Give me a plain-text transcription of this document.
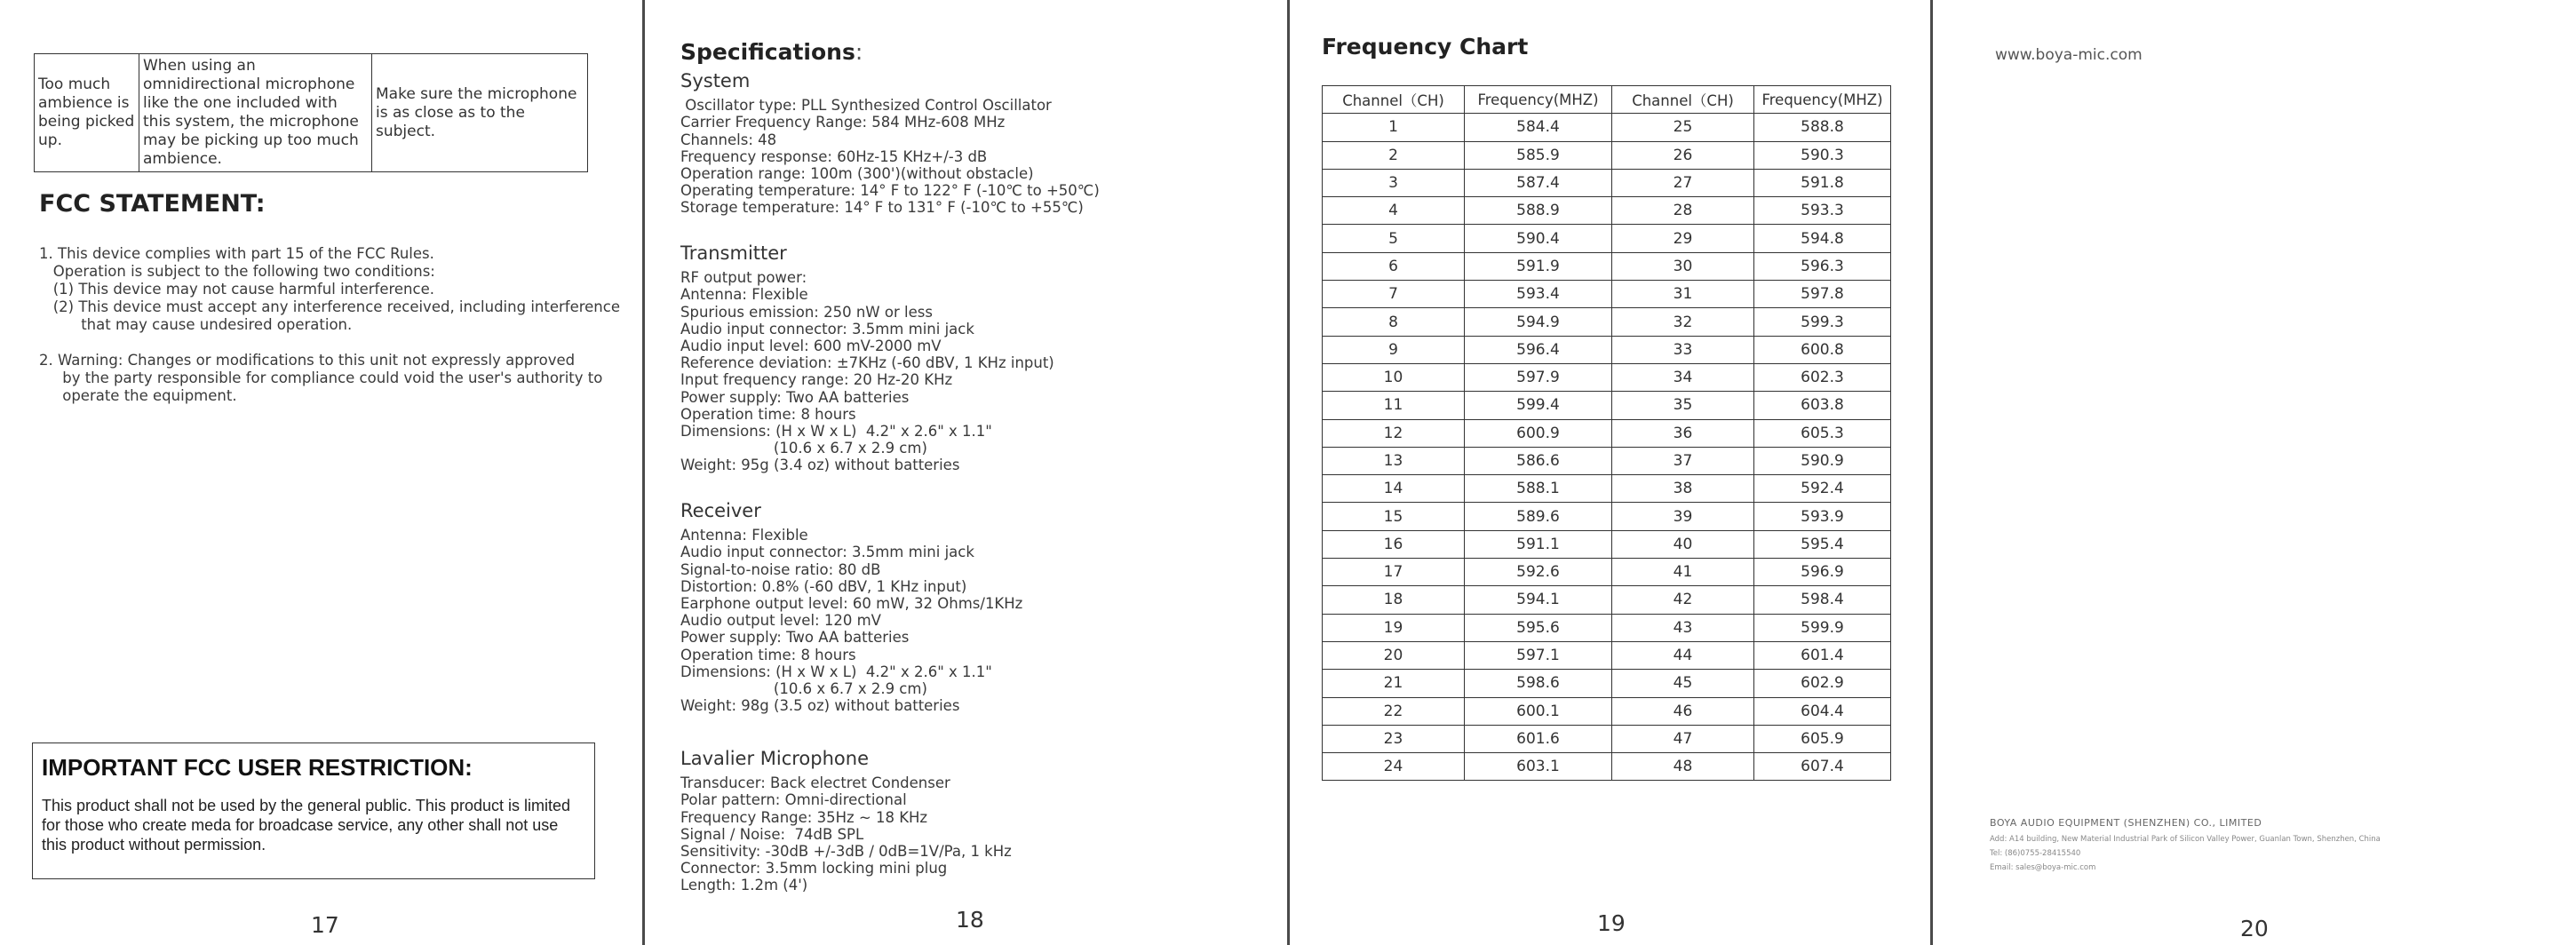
Too much ambience is being picked up.	When using an omnidirectional microphone like the one included with this system, the microphone may be picking up too much ambience.	Make sure the microphone is as close as to the subject.
FCC STATEMENT:
1. This device complies with part 15 of the FCC Rules.
Operation is subject to the following two conditions:
(1) This device may not cause harmful interference.
(2) This device must accept any interference received, including interference
that may cause undesired operation.
2. Warning: Changes or modifications to this unit not expressly approved
by the party responsible for compliance could void the user's authority to
operate the equipment.
IMPORTANT FCC USER RESTRICTION:
This product shall not be used by the general public. This product is limited for those who create meda for broadcase service, any other shall not use this product without permission.
17
Specifications:
System
Oscillator type: PLL Synthesized Control Oscillator
Carrier Frequency Range: 584 MHz-608 MHz
Channels: 48
Frequency response: 60Hz-15 KHz+/-3 dB
Operation range: 100m (300')(without obstacle)
Operating temperature: 14° F to 122° F (-10℃ to +50℃)
Storage temperature: 14° F to 131° F (-10℃ to +55℃)
Transmitter
RF output power:
Antenna: Flexible
Spurious emission: 250 nW or less
Audio input connector: 3.5mm mini jack
Audio input level: 600 mV-2000 mV
Reference deviation: ±7KHz (-60 dBV, 1 KHz input)
Input frequency range: 20 Hz-20 KHz
Power supply: Two AA batteries
Operation time: 8 hours
Dimensions: (H x W x L)  4.2" x 2.6" x 1.1"
(10.6 x 6.7 x 2.9 cm)
Weight: 95g (3.4 oz) without batteries
Receiver
Antenna: Flexible
Audio input connector: 3.5mm mini jack
Signal-to-noise ratio: 80 dB
Distortion: 0.8% (-60 dBV, 1 KHz input)
Earphone output level: 60 mW, 32 Ohms/1KHz
Audio output level: 120 mV
Power supply: Two AA batteries
Operation time: 8 hours
Dimensions: (H x W x L)  4.2" x 2.6" x 1.1"
(10.6 x 6.7 x 2.9 cm)
Weight: 98g (3.5 oz) without batteries
Lavalier Microphone
Transducer: Back electret Condenser
Polar pattern: Omni-directional
Frequency Range: 35Hz ~ 18 KHz
Signal / Noise:  74dB SPL
Sensitivity: -30dB +/-3dB / 0dB=1V/Pa, 1 kHz
Connector: 3.5mm locking mini plug
Length: 1.2m (4')
18
Frequency Chart
Channel（CH)	Frequency(MHZ)	Channel（CH)	Frequency(MHZ)
1	584.4	25	588.8
2	585.9	26	590.3
3	587.4	27	591.8
4	588.9	28	593.3
5	590.4	29	594.8
6	591.9	30	596.3
7	593.4	31	597.8
8	594.9	32	599.3
9	596.4	33	600.8
10	597.9	34	602.3
11	599.4	35	603.8
12	600.9	36	605.3
13	586.6	37	590.9
14	588.1	38	592.4
15	589.6	39	593.9
16	591.1	40	595.4
17	592.6	41	596.9
18	594.1	42	598.4
19	595.6	43	599.9
20	597.1	44	601.4
21	598.6	45	602.9
22	600.1	46	604.4
23	601.6	47	605.9
24	603.1	48	607.4
19
www.boya-mic.com
BOYA AUDIO EQUIPMENT (SHENZHEN) CO., LIMITED
Add: A14 building, New Material Industrial Park of Silicon Valley Power, Guanlan Town, Shenzhen, China
Tel: (86)0755-28415540
Email: sales@boya-mic.com
20
